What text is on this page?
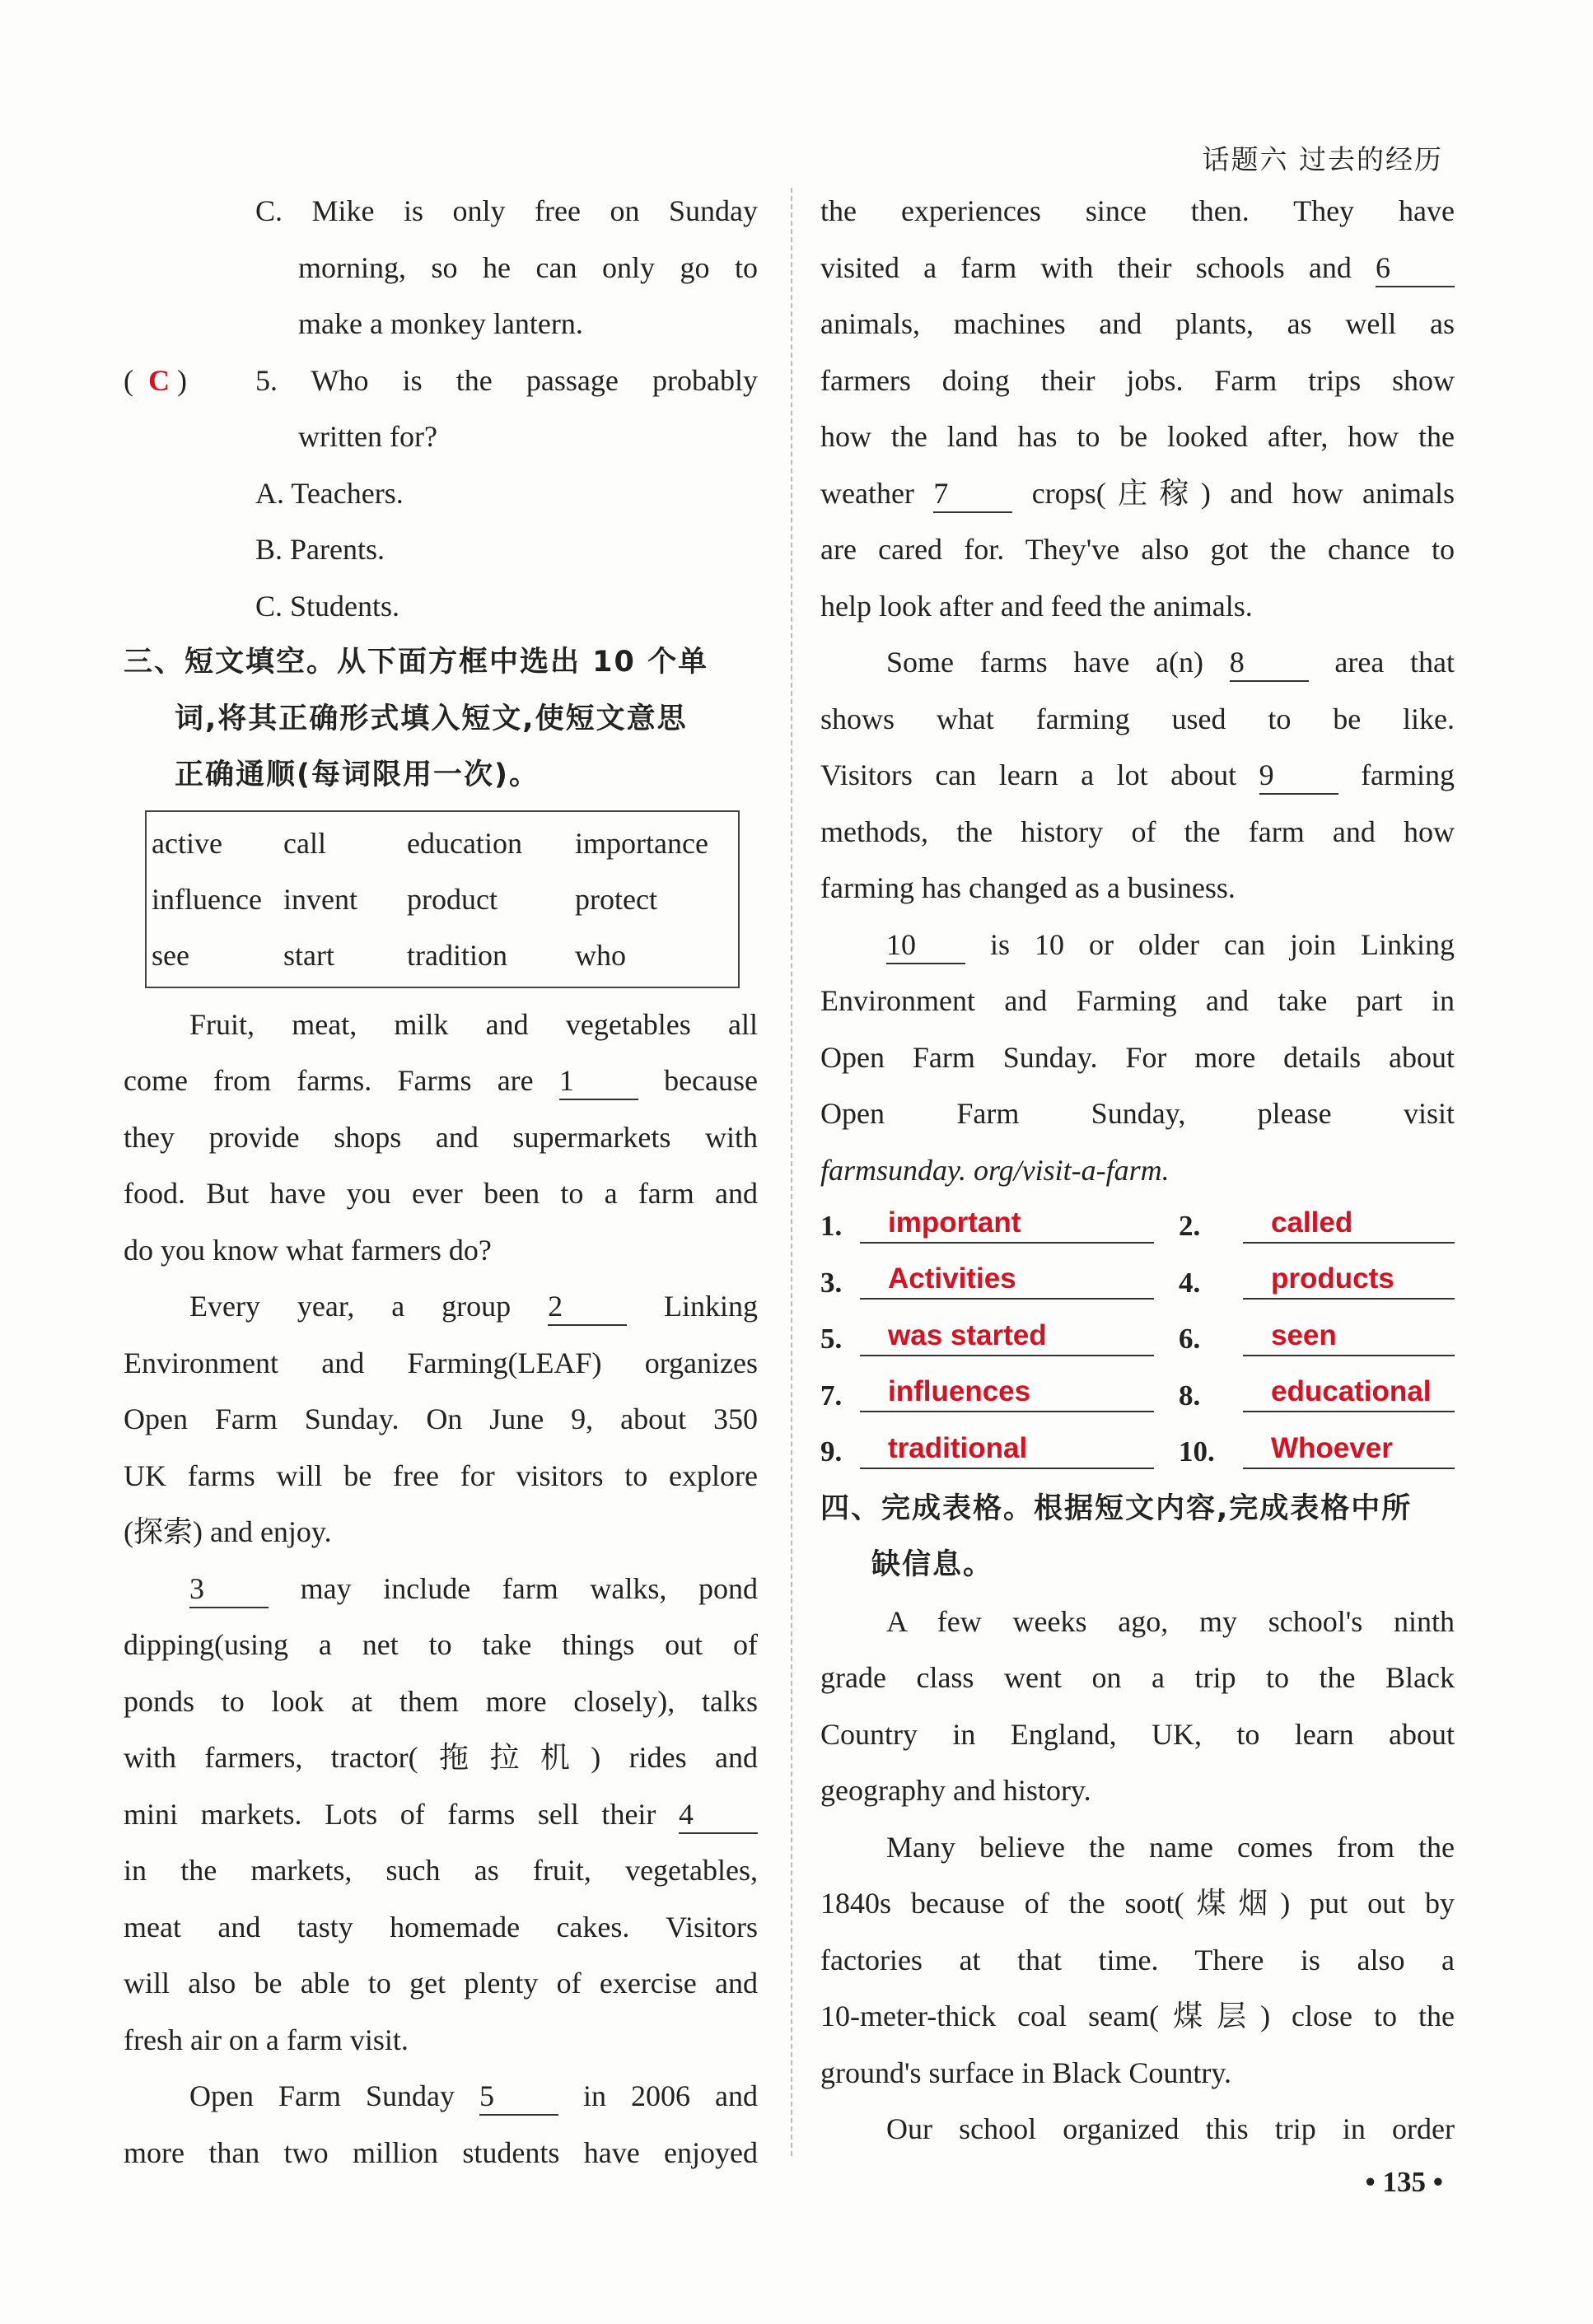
话题六 过去的经历
C. Mike is only free on Sunday
morning, so he can only go to
make a monkey lantern.
(  C )	5. Who is the passage probably
written for?
A. Teachers.
B. Parents.
C. Students.
三、短文填空。从下面方框中选出 10 个单
词,将其正确形式填入短文,使短文意思
正确通顺(每词限用一次)。
active	call	education	importance
influence invent	product	protect
see	start	tradition	who
Fruit, meat, milk and vegetables all
come from farms. Farms are 1	because
they provide shops and supermarkets with
food. But have you ever been to a farm and
do you know what farmers do?
Every year, a group 2	Linking
Environment and Farming(LEAF) organizes
Open Farm Sunday. On June 9, about 350
UK farms will be free for visitors to explore
(探索) and enjoy.
3	may include farm walks, pond
dipping(using a net to take things out of
ponds to look at them more closely), talks
with farmers, tractor(拖拉机) rides and
mini markets. Lots of farms sell their 4
in the markets, such as fruit, vegetables,
meat and tasty homemade cakes. Visitors
will also be able to get plenty of exercise and
fresh air on a farm visit.
Open Farm Sunday 5	in 2006 and
more than two million students have enjoyed
the experiences since then. They have
visited a farm with their schools and 6
animals, machines and plants, as well as
farmers doing their jobs. Farm trips show
how the land has to be looked after, how the
weather 7	crops(庄稼) and how animals
are cared for. They've also got the chance to
help look after and feed the animals.
Some farms have a(n) 8	area that
shows what farming used to be like.
Visitors can learn a lot about 9	farming
methods, the history of the farm and how
farming has changed as a business.
10	is 10 or older can join Linking
Environment and Farming and take part in
Open Farm Sunday. For more details about
Open Farm Sunday, please visit
farmsunday. org/visit-a-farm.
1.	important	2.	called
3.	Activities	4.	products
5.	was started	6.	seen
7.	influences	8.	educational
9.	traditional	10.	Whoever
四、完成表格。根据短文内容,完成表格中所
缺信息。
A few weeks ago, my school's ninth
grade class went on a trip to the Black
Country in England, UK, to learn about
geography and history.
Many believe the name comes from the
1840s because of the soot(煤烟) put out by
factories at that time. There is also a
10-meter-thick coal seam(煤层) close to the
ground's surface in Black Country.
Our school organized this trip in order
• 135 •
